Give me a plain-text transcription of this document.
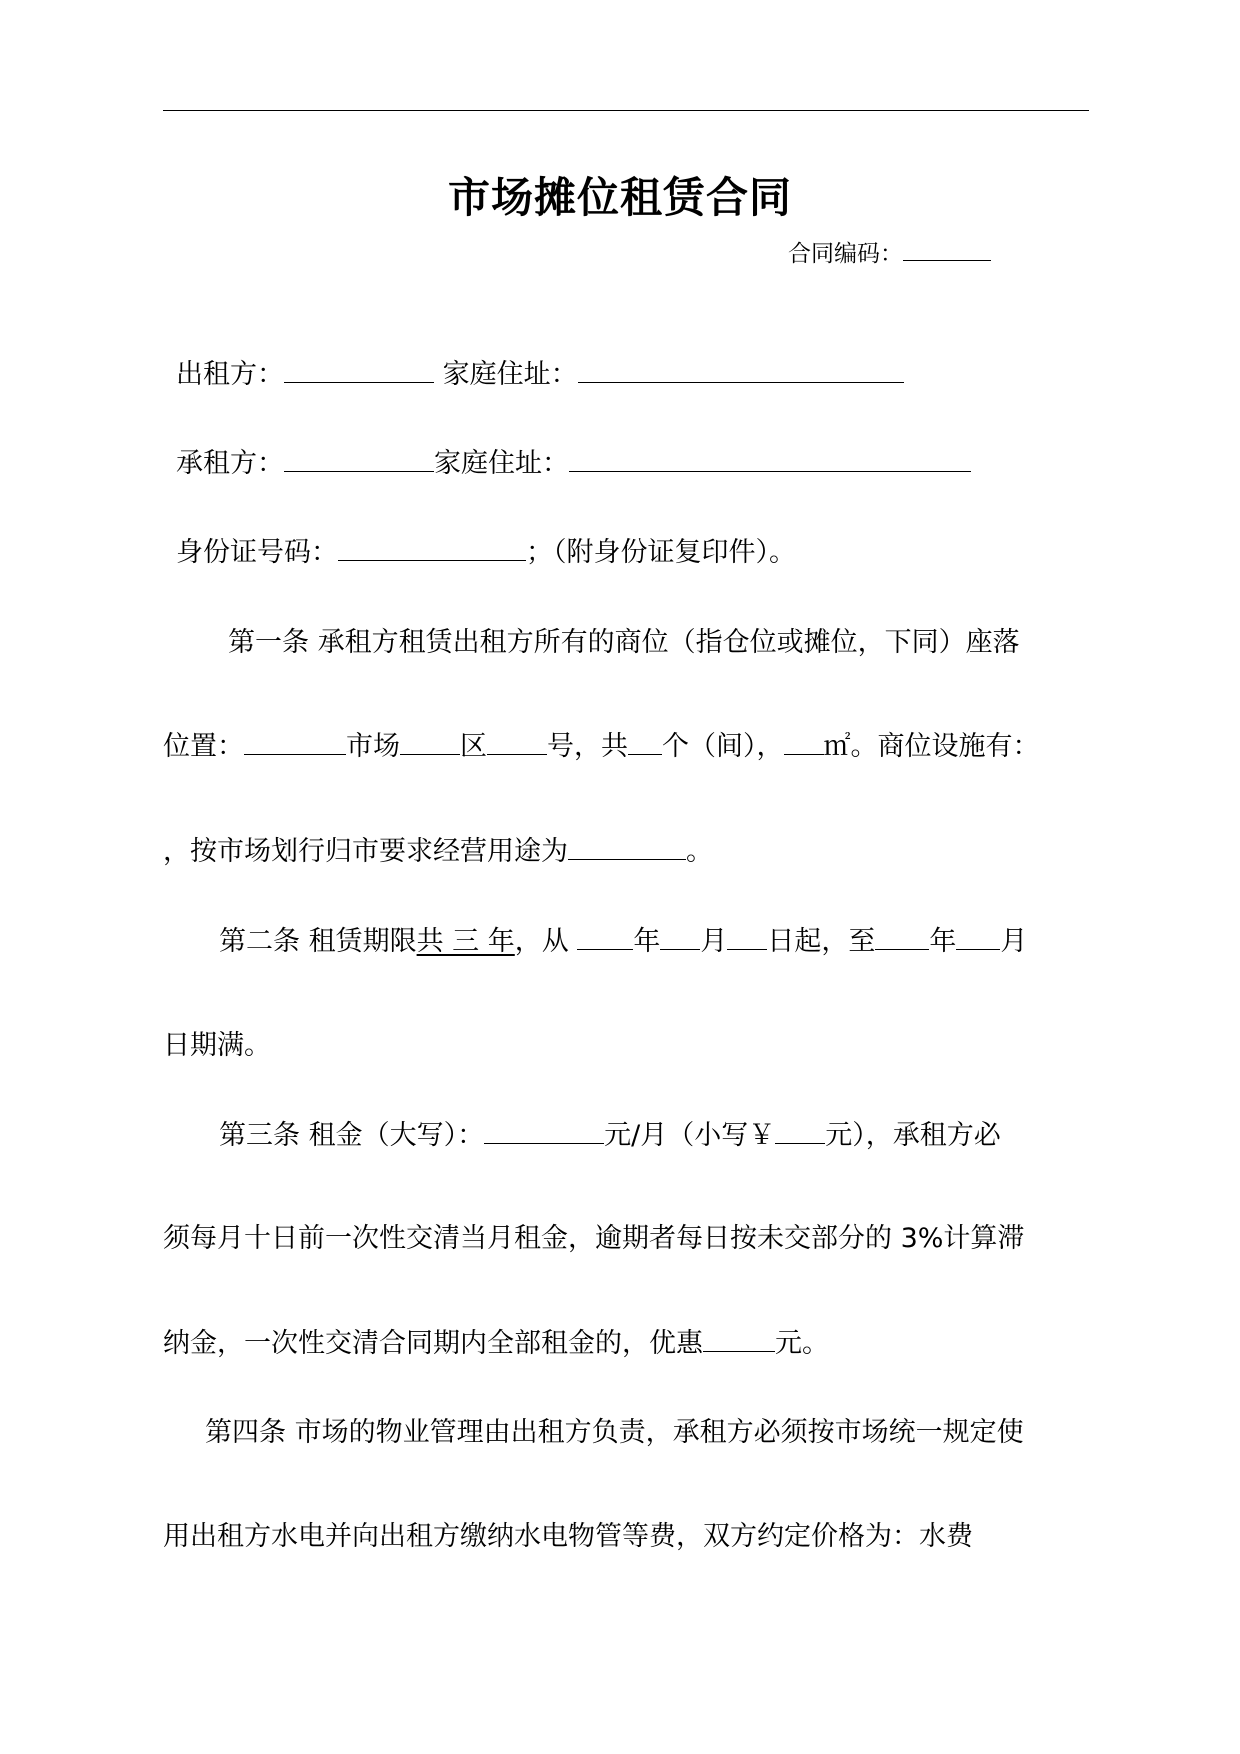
市场摊位租赁合同
合同编码：
出租方：	家庭住址：
承租方：	家庭住址：
身份证号码：	；（附身份证复印件）。
第一条 承租方租赁出租方所有的商位（指仓位或摊位，下同）座落
位置：	市场 区 号，共 个（间）， ㎡。商位设施有：
，按市场划行归市要求经营用途为	。
第二条 租赁期限共 三 年，从 年 月 日起，至 年 月
日期满。
第三条 租金（大写）：	元/月（小写￥ 元），承租方必
须每月十日前一次性交清当月租金，逾期者每日按未交部分的 3%计算滞
纳金，一次性交清合同期内全部租金的，优惠	元。
第四条 市场的物业管理由出租方负责，承租方必须按市场统一规定使
用出租方水电并向出租方缴纳水电物管等费，双方约定价格为：水费
